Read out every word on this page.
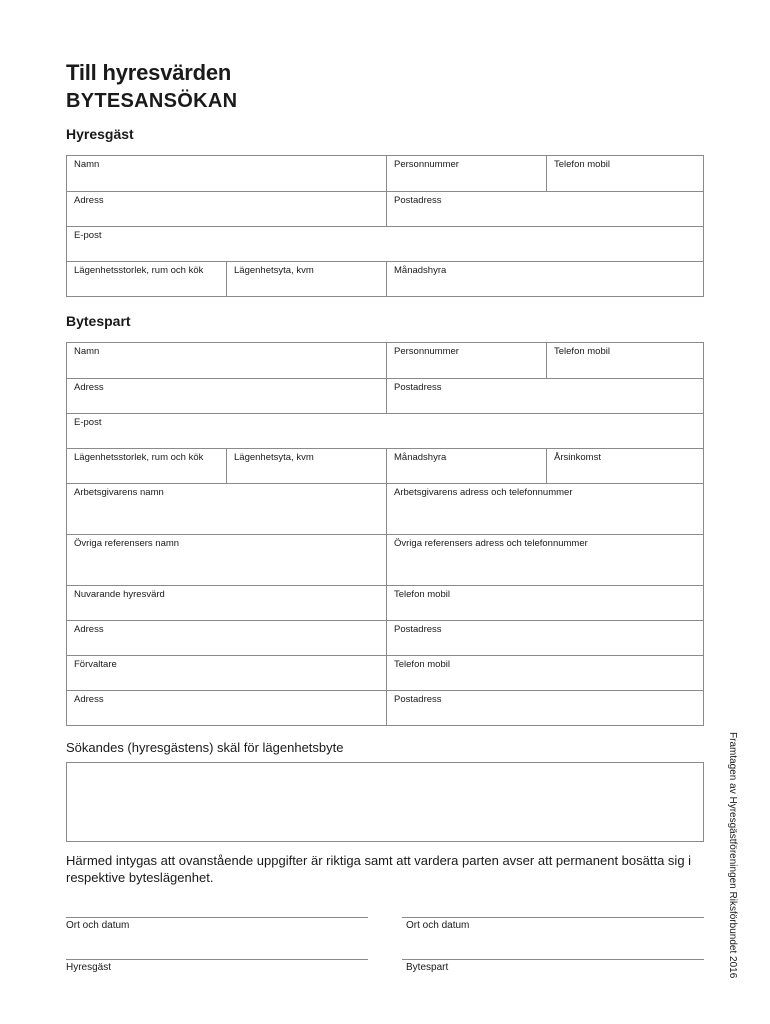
Till hyresvärden
BYTESANSÖKAN
Hyresgäst
Namn	Personnummer	Telefon mobil
Adress	Postadress
E-post
Lägenhetsstorlek, rum och kök	Lägenhetsyta, kvm	Månadshyra
Bytespart
Namn	Personnummer	Telefon mobil
Adress	Postadress
E-post
Lägenhetsstorlek, rum och kök	Lägenhetsyta, kvm	Månadshyra	Årsinkomst
Arbetsgivarens namn	Arbetsgivarens adress och telefonnummer
Övriga referensers namn	Övriga referensers adress och telefonnummer
Nuvarande hyresvärd	Telefon mobil
Adress	Postadress
Förvaltare	Telefon mobil
Adress	Postadress
Sökandes (hyresgästens) skäl för lägenhetsbyte
Härmed intygas att ovanstående uppgifter är riktiga samt att vardera parten avser att permanent bosätta sig i respektive byteslägenhet.
Ort och datum	Ort och datum
Hyresgäst	Bytespart	Framtagen av Hyresgästföreningen Riksförbundet 2016
